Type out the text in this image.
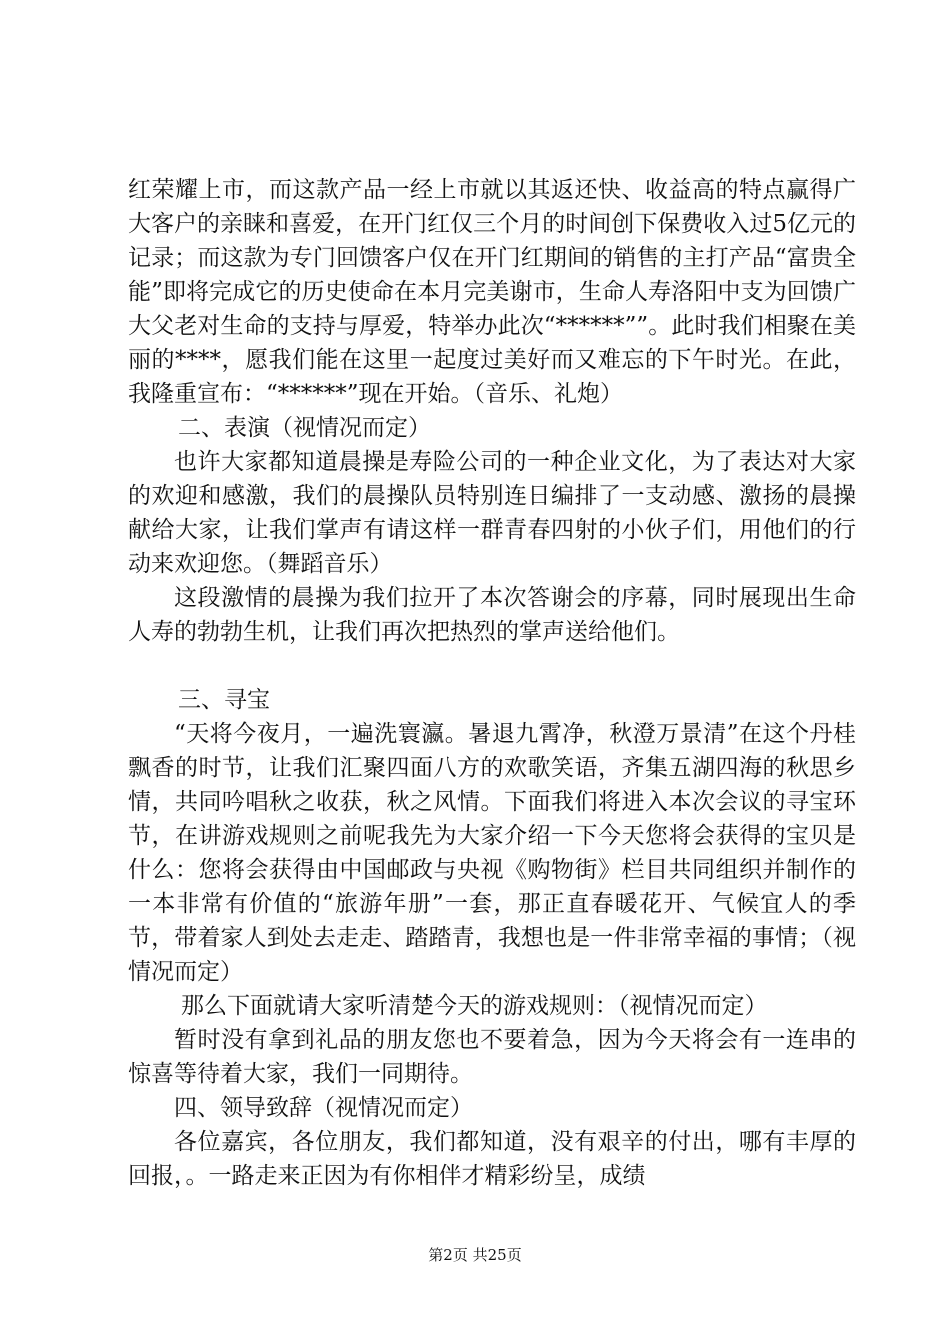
红荣耀上市，而这款产品一经上市就以其返还快、收益高的特点赢得广大客户的亲睐和喜爱，在开门红仅三个月的时间创下保费收入过5亿元的记录；而这款为专门回馈客户仅在开门红期间的销售的主打产品“富贵全能”即将完成它的历史使命在本月完美谢市，生命人寿洛阳中支为回馈广大父老对生命的支持与厚爱，特举办此次“******””。此时我们相聚在美丽的****，愿我们能在这里一起度过美好而又难忘的下午时光。在此，我隆重宣布：“******”现在开始。（音乐、礼炮）

二、表演（视情况而定）

也许大家都知道晨操是寿险公司的一种企业文化，为了表达对大家的欢迎和感激，我们的晨操队员特别连日编排了一支动感、激扬的晨操献给大家，让我们掌声有请这样一群青春四射的小伙子们，用他们的行动来欢迎您。（舞蹈音乐）

这段激情的晨操为我们拉开了本次答谢会的序幕，同时展现出生命人寿的勃勃生机，让我们再次把热烈的掌声送给他们。

三、寻宝

“天将今夜月，一遍洗寰瀛。暑退九霄净，秋澄万景清”在这个丹桂飘香的时节，让我们汇聚四面八方的欢歌笑语，齐集五湖四海的秋思乡情，共同吟唱秋之收获，秋之风情。下面我们将进入本次会议的寻宝环节，在讲游戏规则之前呢我先为大家介绍一下今天您将会获得的宝贝是什么：您将会获得由中国邮政与央视《购物街》栏目共同组织并制作的一本非常有价值的“旅游年册”一套，那正直春暖花开、气候宜人的季节，带着家人到处去走走、踏踏青，我想也是一件非常幸福的事情；（视情况而定）

那么下面就请大家听清楚今天的游戏规则：（视情况而定）

暂时没有拿到礼品的朋友您也不要着急，因为今天将会有一连串的惊喜等待着大家，我们一同期待。

四、领导致辞（视情况而定）

各位嘉宾，各位朋友，我们都知道，没有艰辛的付出，哪有丰厚的回报，。一路走来正因为有你相伴才精彩纷呈，成绩

第2页 共25页
